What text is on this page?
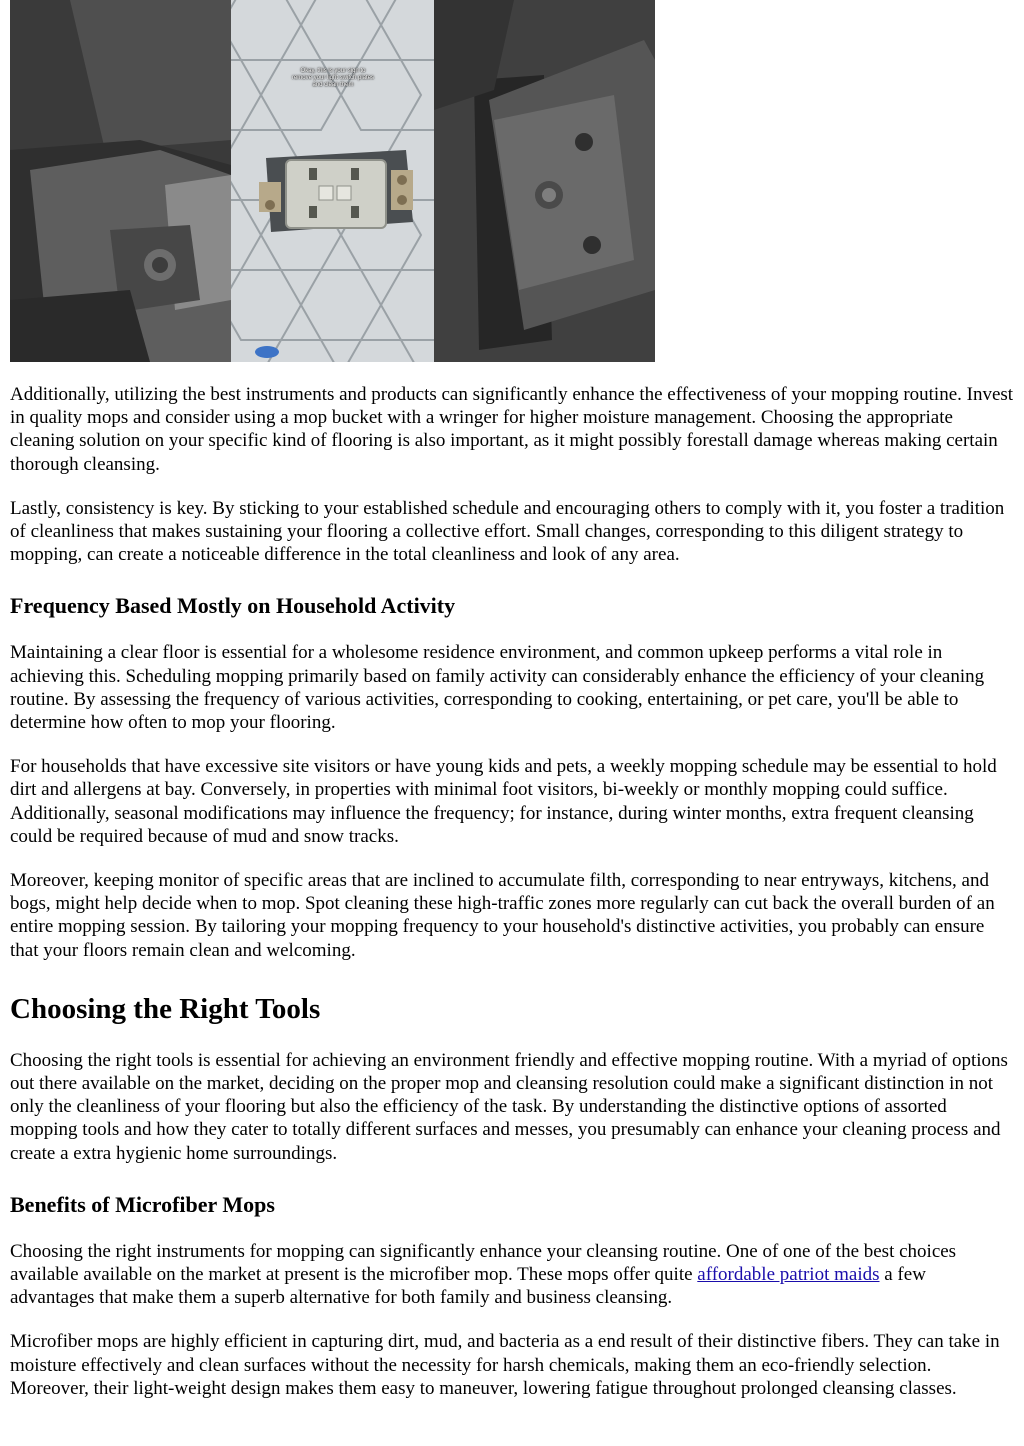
Okay, this is your sign to remove your light switch plates and clean them

Additionally, utilizing the best instruments and products can significantly enhance the effectiveness of your mopping routine. Invest in quality mops and consider using a mop bucket with a wringer for higher moisture management. Choosing the appropriate cleaning solution on your specific kind of flooring is also important, as it might possibly forestall damage whereas making certain thorough cleansing.

Lastly, consistency is key. By sticking to your established schedule and encouraging others to comply with it, you foster a tradition of cleanliness that makes sustaining your flooring a collective effort. Small changes, corresponding to this diligent strategy to mopping, can create a noticeable difference in the total cleanliness and look of any area.

Frequency Based Mostly on Household Activity

Maintaining a clear floor is essential for a wholesome residence environment, and common upkeep performs a vital role in achieving this. Scheduling mopping primarily based on family activity can considerably enhance the efficiency of your cleaning routine. By assessing the frequency of various activities, corresponding to cooking, entertaining, or pet care, you'll be able to determine how often to mop your flooring.

For households that have excessive site visitors or have young kids and pets, a weekly mopping schedule may be essential to hold dirt and allergens at bay. Conversely, in properties with minimal foot visitors, bi-weekly or monthly mopping could suffice. Additionally, seasonal modifications may influence the frequency; for instance, during winter months, extra frequent cleansing could be required because of mud and snow tracks.

Moreover, keeping monitor of specific areas that are inclined to accumulate filth, corresponding to near entryways, kitchens, and bogs, might help decide when to mop. Spot cleaning these high-traffic zones more regularly can cut back the overall burden of an entire mopping session. By tailoring your mopping frequency to your household's distinctive activities, you probably can ensure that your floors remain clean and welcoming.

Choosing the Right Tools

Choosing the right tools is essential for achieving an environment friendly and effective mopping routine. With a myriad of options out there available on the market, deciding on the proper mop and cleansing resolution could make a significant distinction in not only the cleanliness of your flooring but also the efficiency of the task. By understanding the distinctive options of assorted mopping tools and how they cater to totally different surfaces and messes, you presumably can enhance your cleaning process and create a extra hygienic home surroundings.

Benefits of Microfiber Mops

Choosing the right instruments for mopping can significantly enhance your cleansing routine. One of one of the best choices available available on the market at present is the microfiber mop. These mops offer quite affordable patriot maids a few advantages that make them a superb alternative for both family and business cleansing.

Microfiber mops are highly efficient in capturing dirt, mud, and bacteria as a end result of their distinctive fibers. They can take in moisture effectively and clean surfaces without the necessity for harsh chemicals, making them an eco-friendly selection. Moreover, their light-weight design makes them easy to maneuver, lowering fatigue throughout prolonged cleansing classes.
